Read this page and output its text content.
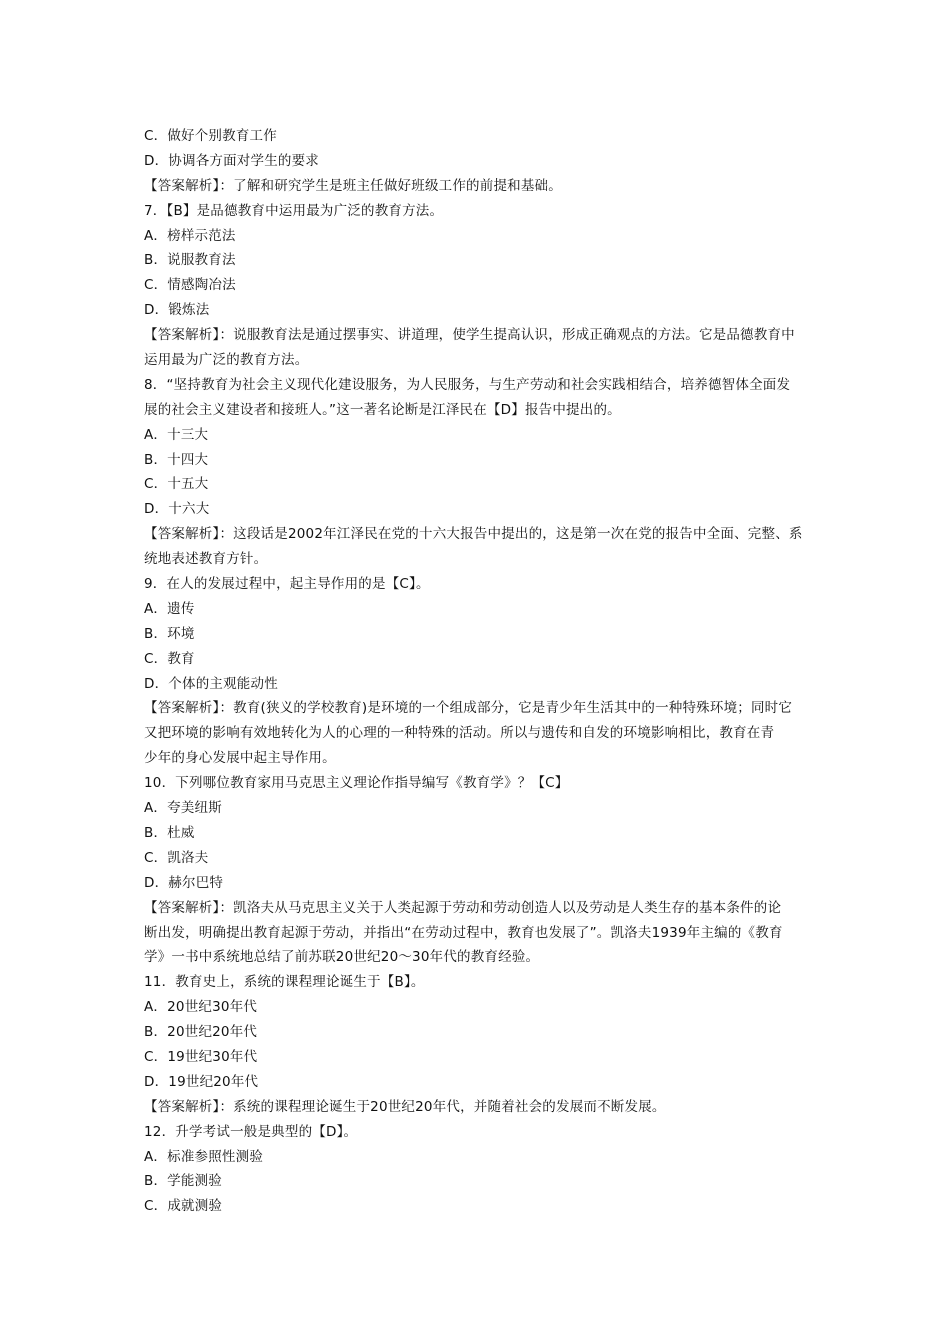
C．做好个别教育工作
D．协调各方面对学生的要求
【答案解析】：了解和研究学生是班主任做好班级工作的前提和基础。
7．【B】是品德教育中运用最为广泛的教育方法。
A．榜样示范法
B．说服教育法
C．情感陶冶法
D．锻炼法
【答案解析】：说服教育法是通过摆事实、讲道理，使学生提高认识，形成正确观点的方法。它是品德教育中
运用最为广泛的教育方法。
8．“坚持教育为社会主义现代化建设服务，为人民服务，与生产劳动和社会实践相结合，培养德智体全面发
展的社会主义建设者和接班人。”这一著名论断是江泽民在【D】报告中提出的。
A．十三大
B．十四大
C．十五大
D．十六大
【答案解析】：这段话是2002年江泽民在党的十六大报告中提出的，这是第一次在党的报告中全面、完整、系
统地表述教育方针。
9．在人的发展过程中，起主导作用的是【C】。
A．遗传
B．环境
C．教育
D．个体的主观能动性
【答案解析】：教育(狭义的学校教育)是环境的一个组成部分，它是青少年生活其中的一种特殊环境；同时它
又把环境的影响有效地转化为人的心理的一种特殊的活动。所以与遗传和自发的环境影响相比，教育在青
少年的身心发展中起主导作用。
10．下列哪位教育家用马克思主义理论作指导编写《教育学》？【C】
A．夸美纽斯
B．杜威
C．凯洛夫
D．赫尔巴特
【答案解析】：凯洛夫从马克思主义关于人类起源于劳动和劳动创造人以及劳动是人类生存的基本条件的论
断出发，明确提出教育起源于劳动，并指出“在劳动过程中，教育也发展了”。凯洛夫1939年主编的《教育
学》一书中系统地总结了前苏联20世纪20～30年代的教育经验。
11．教育史上，系统的课程理论诞生于【B】。
A．20世纪30年代
B．20世纪20年代
C．19世纪30年代
D．19世纪20年代
【答案解析】：系统的课程理论诞生于20世纪20年代，并随着社会的发展而不断发展。
12．升学考试一般是典型的【D】。
A．标准参照性测验
B．学能测验
C．成就测验
